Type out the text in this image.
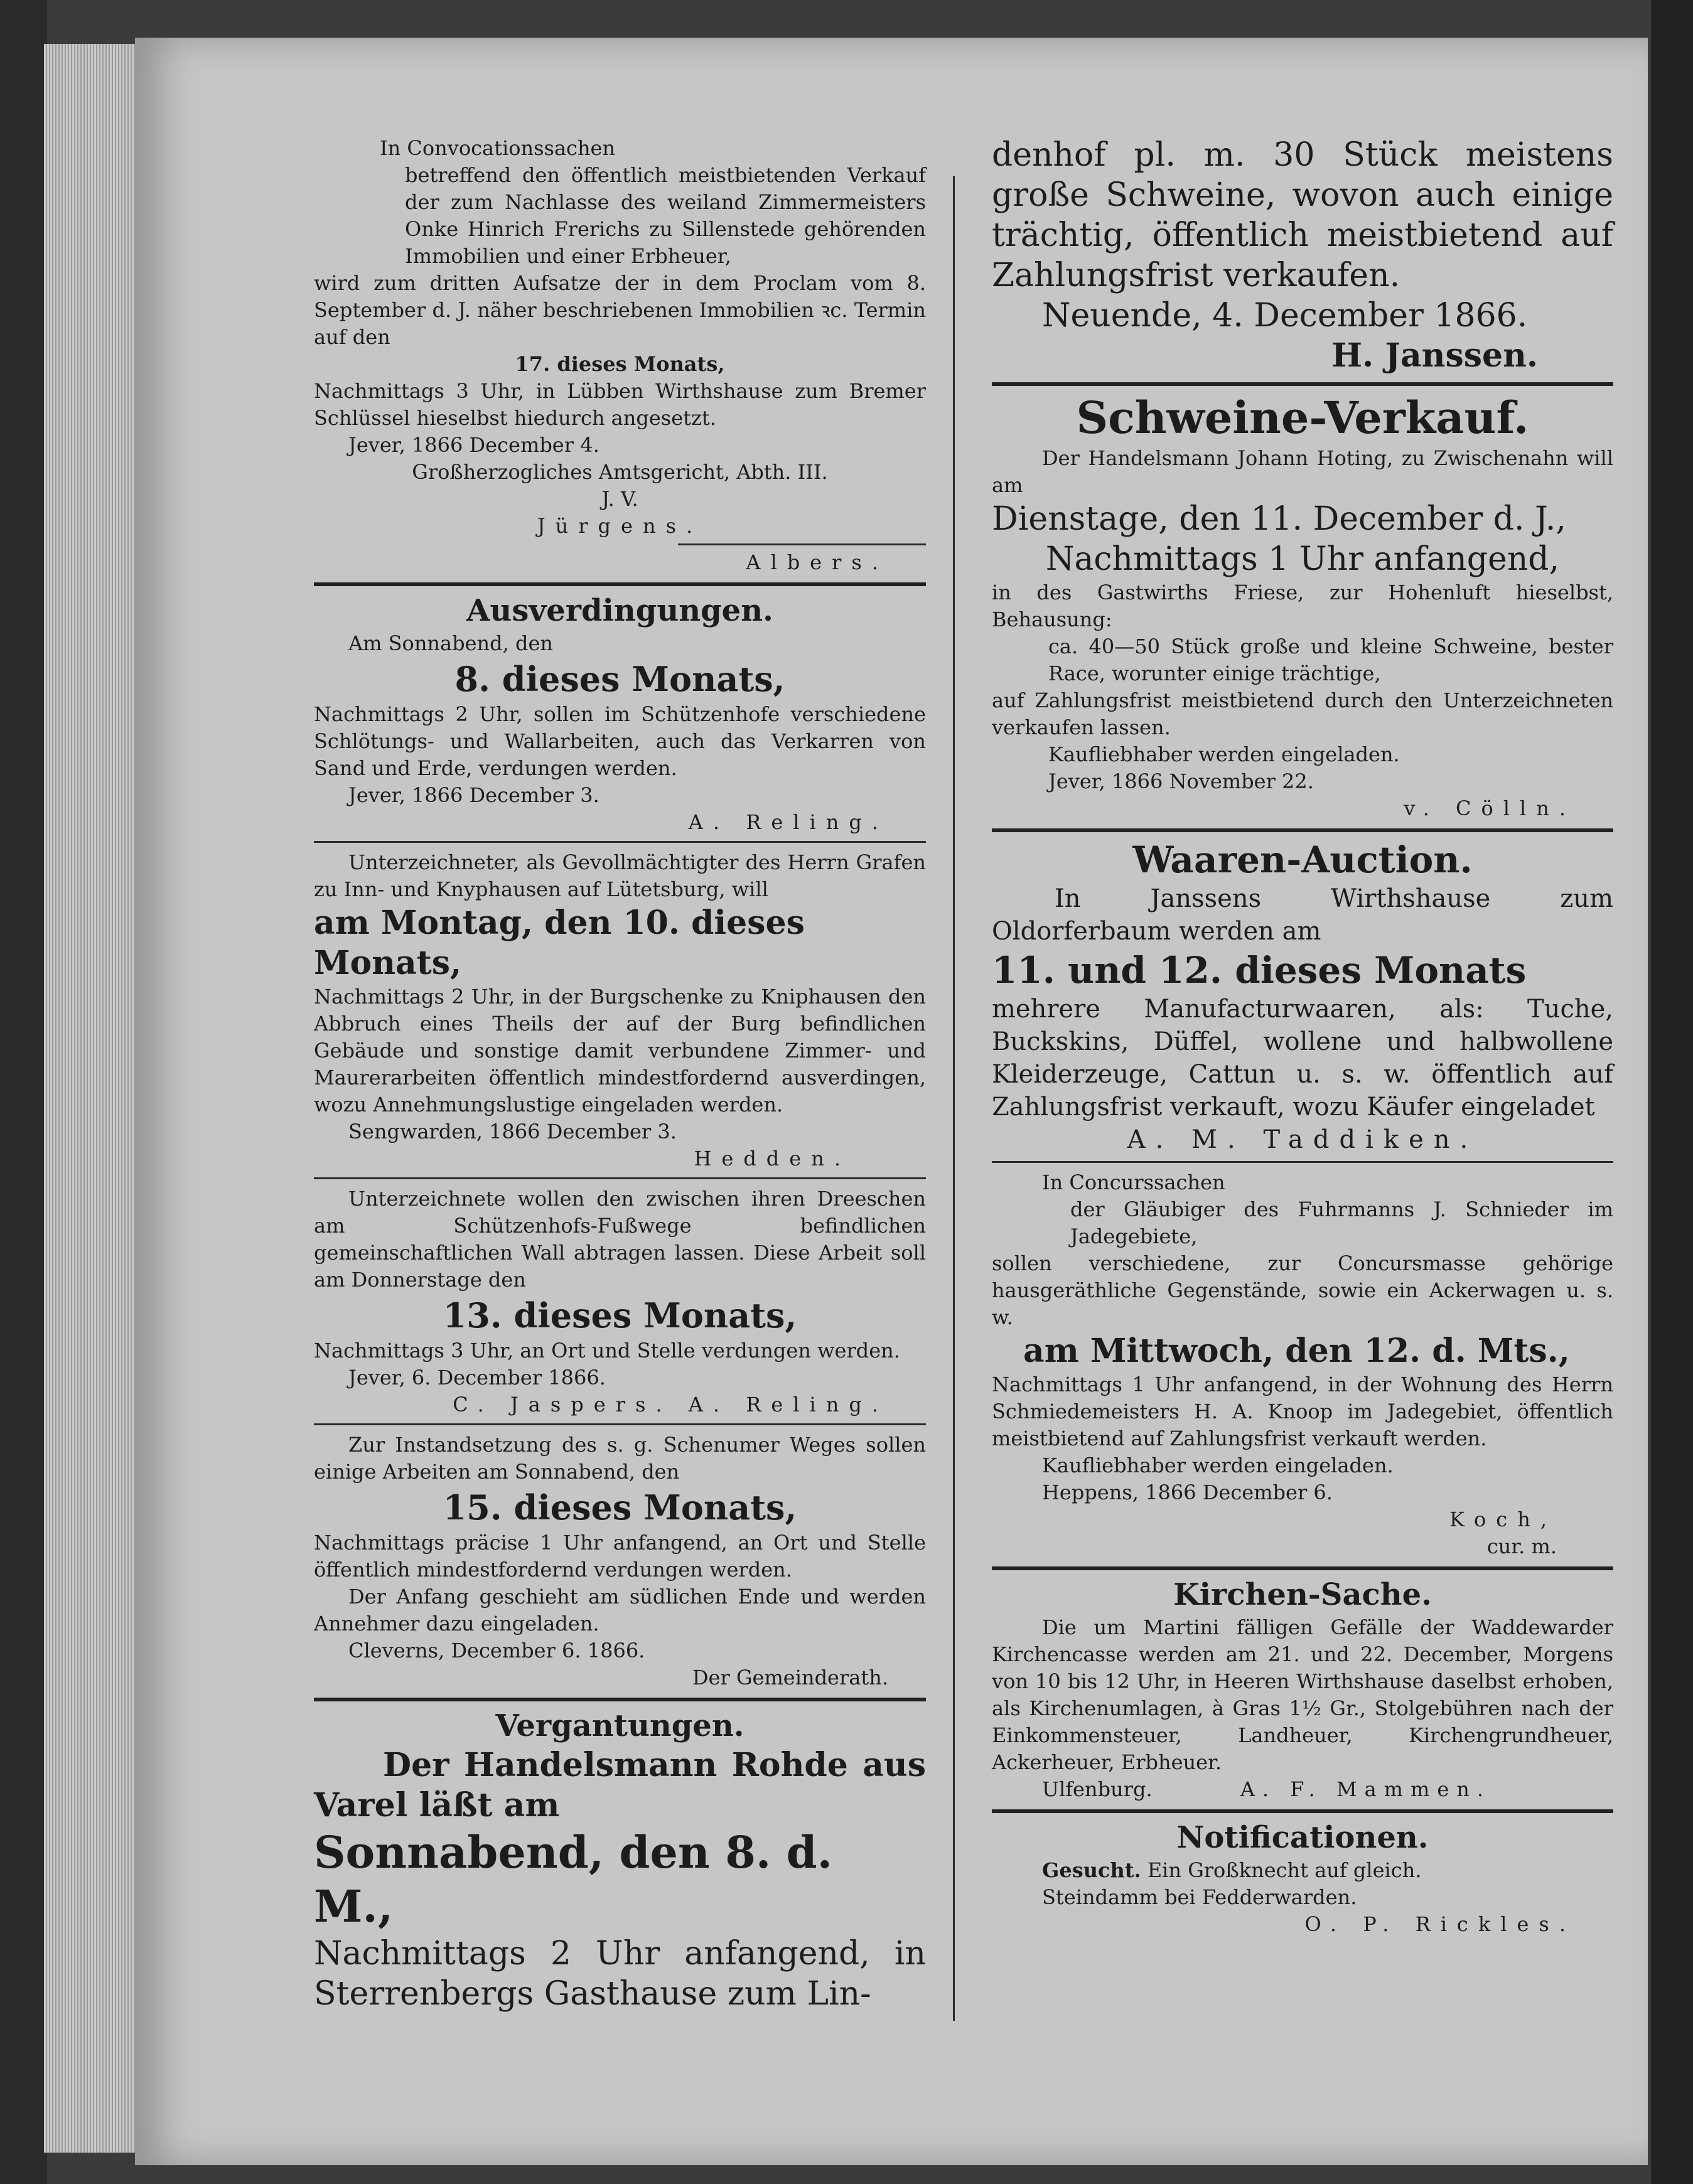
In Convocationssachen

betreffend den öffentlich meistbietenden Verkauf der zum Nachlasse des weiland Zimmermeisters Onke Hinrich Frerichs zu Sillenstede gehörenden Immobilien und einer Erbheuer,

wird zum dritten Aufsatze der in dem Proclam vom 8. September d. J. näher beschriebenen Immobilien ꝛc. Termin auf den

17. dieses Monats,

Nachmittags 3 Uhr, in Lübben Wirthshause zum Bremer Schlüssel hieselbst hiedurch angesetzt.

Jever, 1866 December 4.

Großherzogliches Amtsgericht, Abth. III.

J. V.

Jürgens.

Albers.

Ausverdingungen.

Am Sonnabend, den

8. dieses Monats,

Nachmittags 2 Uhr, sollen im Schützenhofe verschiedene Schlötungs- und Wallarbeiten, auch das Verkarren von Sand und Erde, verdungen werden.

Jever, 1866 December 3.

A. Reling.

Unterzeichneter, als Gevollmächtigter des Herrn Grafen zu Inn- und Knyphausen auf Lütetsburg, will

am Montag, den 10. dieses Monats,

Nachmittags 2 Uhr, in der Burgschenke zu Kniphausen den Abbruch eines Theils der auf der Burg befindlichen Gebäude und sonstige damit verbundene Zimmer- und Maurerarbeiten öffentlich mindestfordernd ausverdingen, wozu Annehmungslustige eingeladen werden.

Sengwarden, 1866 December 3.

Hedden.

Unterzeichnete wollen den zwischen ihren Dreeschen am Schützenhofs-Fußwege befindlichen gemeinschaftlichen Wall abtragen lassen. Diese Arbeit soll am Donnerstage den

13. dieses Monats,

Nachmittags 3 Uhr, an Ort und Stelle verdungen werden.

Jever, 6. December 1866.

C. Jaspers. A. Reling.

Zur Instandsetzung des s. g. Schenumer Weges sollen einige Arbeiten am Sonnabend, den

15. dieses Monats,

Nachmittags präcise 1 Uhr anfangend, an Ort und Stelle öffentlich mindestfordernd verdungen werden.

Der Anfang geschieht am südlichen Ende und werden Annehmer dazu eingeladen.

Cleverns, December 6. 1866.

Der Gemeinderath.

Vergantungen.

Der Handelsmann Rohde aus Varel läßt am

Sonnabend, den 8. d. M.,

Nachmittags 2 Uhr anfangend, in Sterrenbergs Gasthause zum Lin-

denhof pl. m. 30 Stück meistens große Schweine, wovon auch einige trächtig, öffentlich meistbietend auf Zahlungsfrist verkaufen.

Neuende, 4. December 1866.

H. Janssen.

Schweine-Verkauf.

Der Handelsmann Johann Hoting, zu Zwischenahn will am

Dienstage, den 11. December d. J.,

Nachmittags 1 Uhr anfangend,

in des Gastwirths Friese, zur Hohenluft hieselbst, Behausung:

ca. 40—50 Stück große und kleine Schweine, bester Race, worunter einige trächtige,

auf Zahlungsfrist meistbietend durch den Unterzeichneten verkaufen lassen.

Kaufliebhaber werden eingeladen.

Jever, 1866 November 22.

v. Cölln.

Waaren-Auction.

In Janssens Wirthshause zum Oldorferbaum werden am

11. und 12. dieses Monats

mehrere Manufacturwaaren, als: Tuche, Buckskins, Düffel, wollene und halbwollene Kleiderzeuge, Cattun u. s. w. öffentlich auf Zahlungsfrist verkauft, wozu Käufer eingeladet

A. M. Taddiken.

In Concurssachen

der Gläubiger des Fuhrmanns J. Schnieder im Jadegebiete,

sollen verschiedene, zur Concursmasse gehörige hausgeräthliche Gegenstände, sowie ein Ackerwagen u. s. w.

am Mittwoch, den 12. d. Mts.,

Nachmittags 1 Uhr anfangend, in der Wohnung des Herrn Schmiedemeisters H. A. Knoop im Jadegebiet, öffentlich meistbietend auf Zahlungsfrist verkauft werden.

Kaufliebhaber werden eingeladen.

Heppens, 1866 December 6.

Koch,

cur. m.

Kirchen-Sache.

Die um Martini fälligen Gefälle der Waddewarder Kirchencasse werden am 21. und 22. December, Morgens von 10 bis 12 Uhr, in Heeren Wirthshause daselbst erhoben, als Kirchenumlagen, à Gras 1½ Gr., Stolgebühren nach der Einkommensteuer, Landheuer, Kirchengrundheuer, Ackerheuer, Erbheuer.

Ulfenburg.	A. F. Mammen.

Notificationen.

Gesucht. Ein Großknecht auf gleich.

Steindamm bei Fedderwarden.

O. P. Rickles.
